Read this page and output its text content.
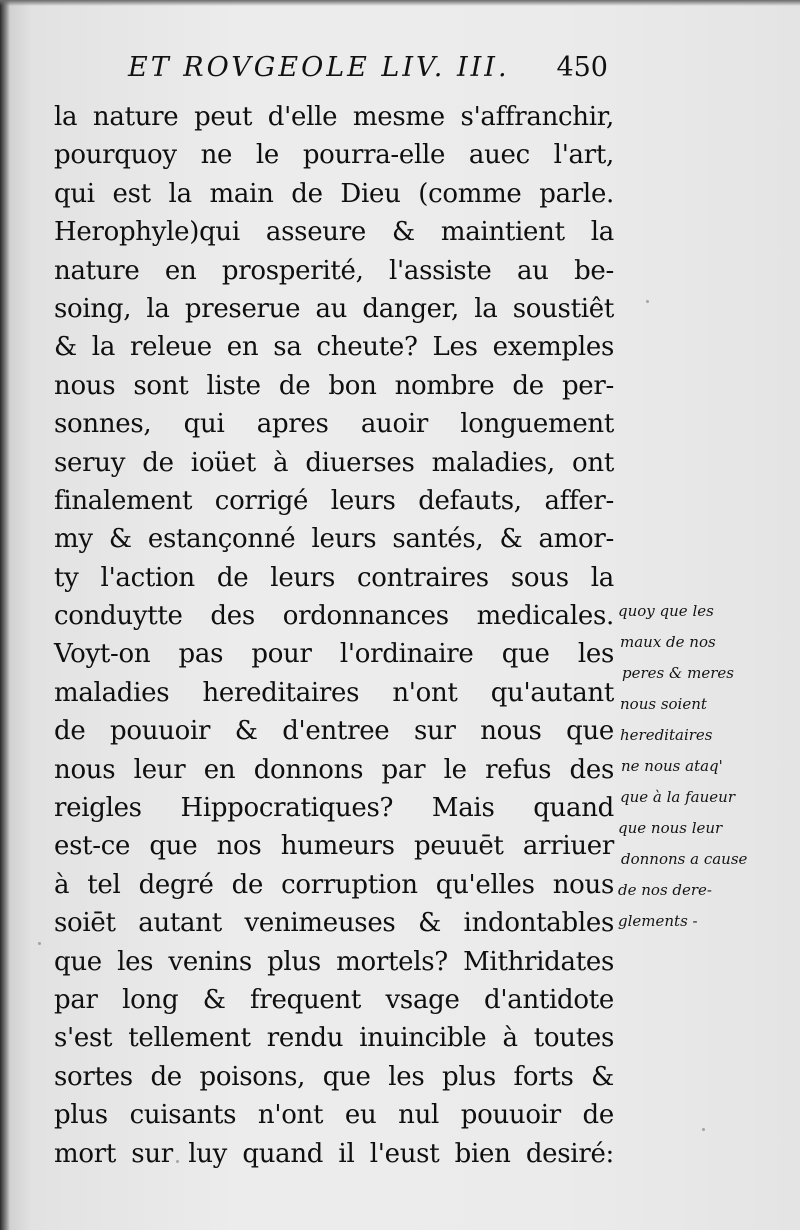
ET ROVGEOLE LIV. III. 450
la nature peut d'elle mesme s'affranchir,
pourquoy ne le pourra-elle auec l'art,
qui est la main de Dieu (comme parle.
Herophyle)qui asseure & maintient la
nature en prosperité, l'assiste au be-
soing, la preserue au danger, la soustiêt
& la releue en sa cheute? Les exemples
nous sont liste de bon nombre de per-
sonnes, qui apres auoir longuement
seruy de ioüet à diuerses maladies, ont
finalement corrigé leurs defauts, affer-
my & estançonné leurs santés, & amor-
ty l'action de leurs contraires sous la
conduytte des ordonnances medicales.
Voyt-on pas pour l'ordinaire que les
maladies hereditaires n'ont qu'autant
de pouuoir & d'entree sur nous que
nous leur en donnons par le refus des
reigles Hippocratiques? Mais quand
est-ce que nos humeurs peuuēt arriuer
à tel degré de corruption qu'elles nous
soiēt autant venimeuses & indontables
que les venins plus mortels? Mithridates
par long & frequent vsage d'antidote
s'est tellement rendu inuincible à toutes
sortes de poisons, que les plus forts &
plus cuisants n'ont eu nul pouuoir de
mort sur luy quand il l'eust bien desiré:
quoy que les
maux de nos
peres & meres
nous soient
hereditaires
ne nous ataq'
que à la faueur
que nous leur
donnons a cause
de nos dere-
glements -
